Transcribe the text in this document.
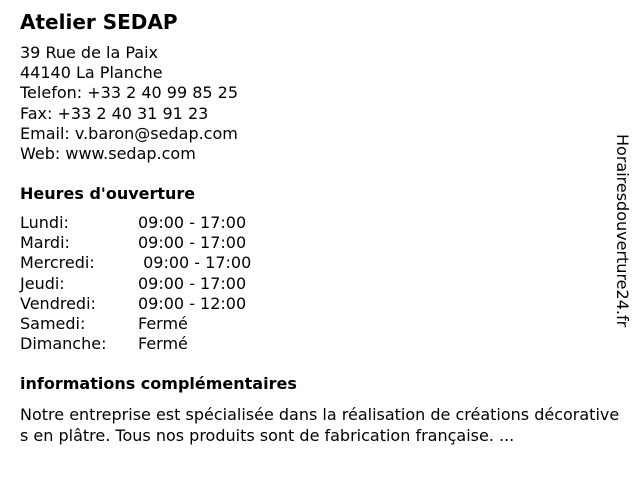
Atelier SEDAP
39 Rue de la Paix
44140 La Planche
Telefon: +33 2 40 99 85 25
Fax: +33 2 40 31 91 23
Email: v.baron@sedap.com
Web: www.sedap.com
Heures d'ouverture
Lundi:	09:00 - 17:00
Mardi:	09:00 - 17:00
Mercredi:	09:00 - 17:00
Jeudi:	09:00 - 17:00
Vendredi:	09:00 - 12:00
Samedi:	Fermé
Dimanche:	Fermé
informations complémentaires
Notre entreprise est spécialisée dans la réalisation de créations décoratives en plâtre. Tous nos produits sont de fabrication française. ...
Horairesdouverture24.fr
